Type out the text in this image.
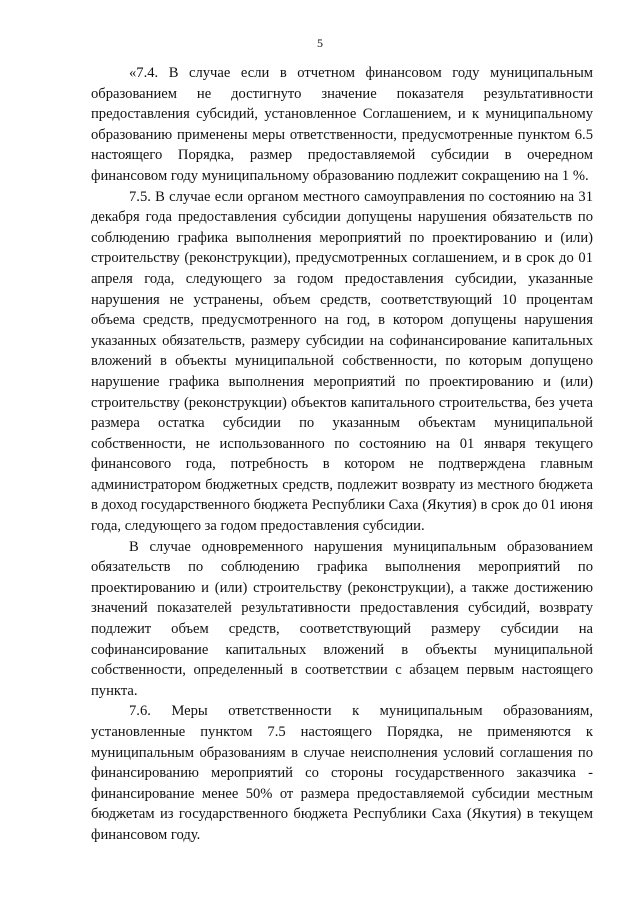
5

«7.4. В случае если в отчетном финансовом году муниципальным образованием не достигнуто значение показателя результативности предоставления субсидий, установленное Соглашением, и к муниципальному образованию применены меры ответственности, предусмотренные пунктом 6.5 настоящего Порядка, размер предоставляемой субсидии в очередном финансовом году муниципальному образованию подлежит сокращению на 1 %.

7.5. В случае если органом местного самоуправления по состоянию на 31 декабря года предоставления субсидии допущены нарушения обязательств по соблюдению графика выполнения мероприятий по проектированию и (или) строительству (реконструкции), предусмотренных соглашением, и в срок до 01 апреля года, следующего за годом предоставления субсидии, указанные нарушения не устранены, объем средств, соответствующий 10 процентам объема средств, предусмотренного на год, в котором допущены нарушения указанных обязательств, размеру субсидии на софинансирование капитальных вложений в объекты муниципальной собственности, по которым допущено нарушение графика выполнения мероприятий по проектированию и (или) строительству (реконструкции) объектов капитального строительства, без учета размера остатка субсидии по указанным объектам муниципальной собственности, не использованного по состоянию на 01 января текущего финансового года, потребность в котором не подтверждена главным администратором бюджетных средств, подлежит возврату из местного бюджета в доход государственного бюджета Республики Саха (Якутия) в срок до 01 июня года, следующего за годом предоставления субсидии.

В случае одновременного нарушения муниципальным образованием обязательств по соблюдению графика выполнения мероприятий по проектированию и (или) строительству (реконструкции), а также достижению значений показателей результативности предоставления субсидий, возврату подлежит объем средств, соответствующий размеру субсидии на софинансирование капитальных вложений в объекты муниципальной собственности, определенный в соответствии с абзацем первым настоящего пункта.

7.6. Меры ответственности к муниципальным образованиям, установленные пунктом 7.5 настоящего Порядка, не применяются к муниципальным образованиям в случае неисполнения условий соглашения по финансированию мероприятий со стороны государственного заказчика - финансирование менее 50% от размера предоставляемой субсидии местным бюджетам из государственного бюджета Республики Саха (Якутия) в текущем финансовом году.
